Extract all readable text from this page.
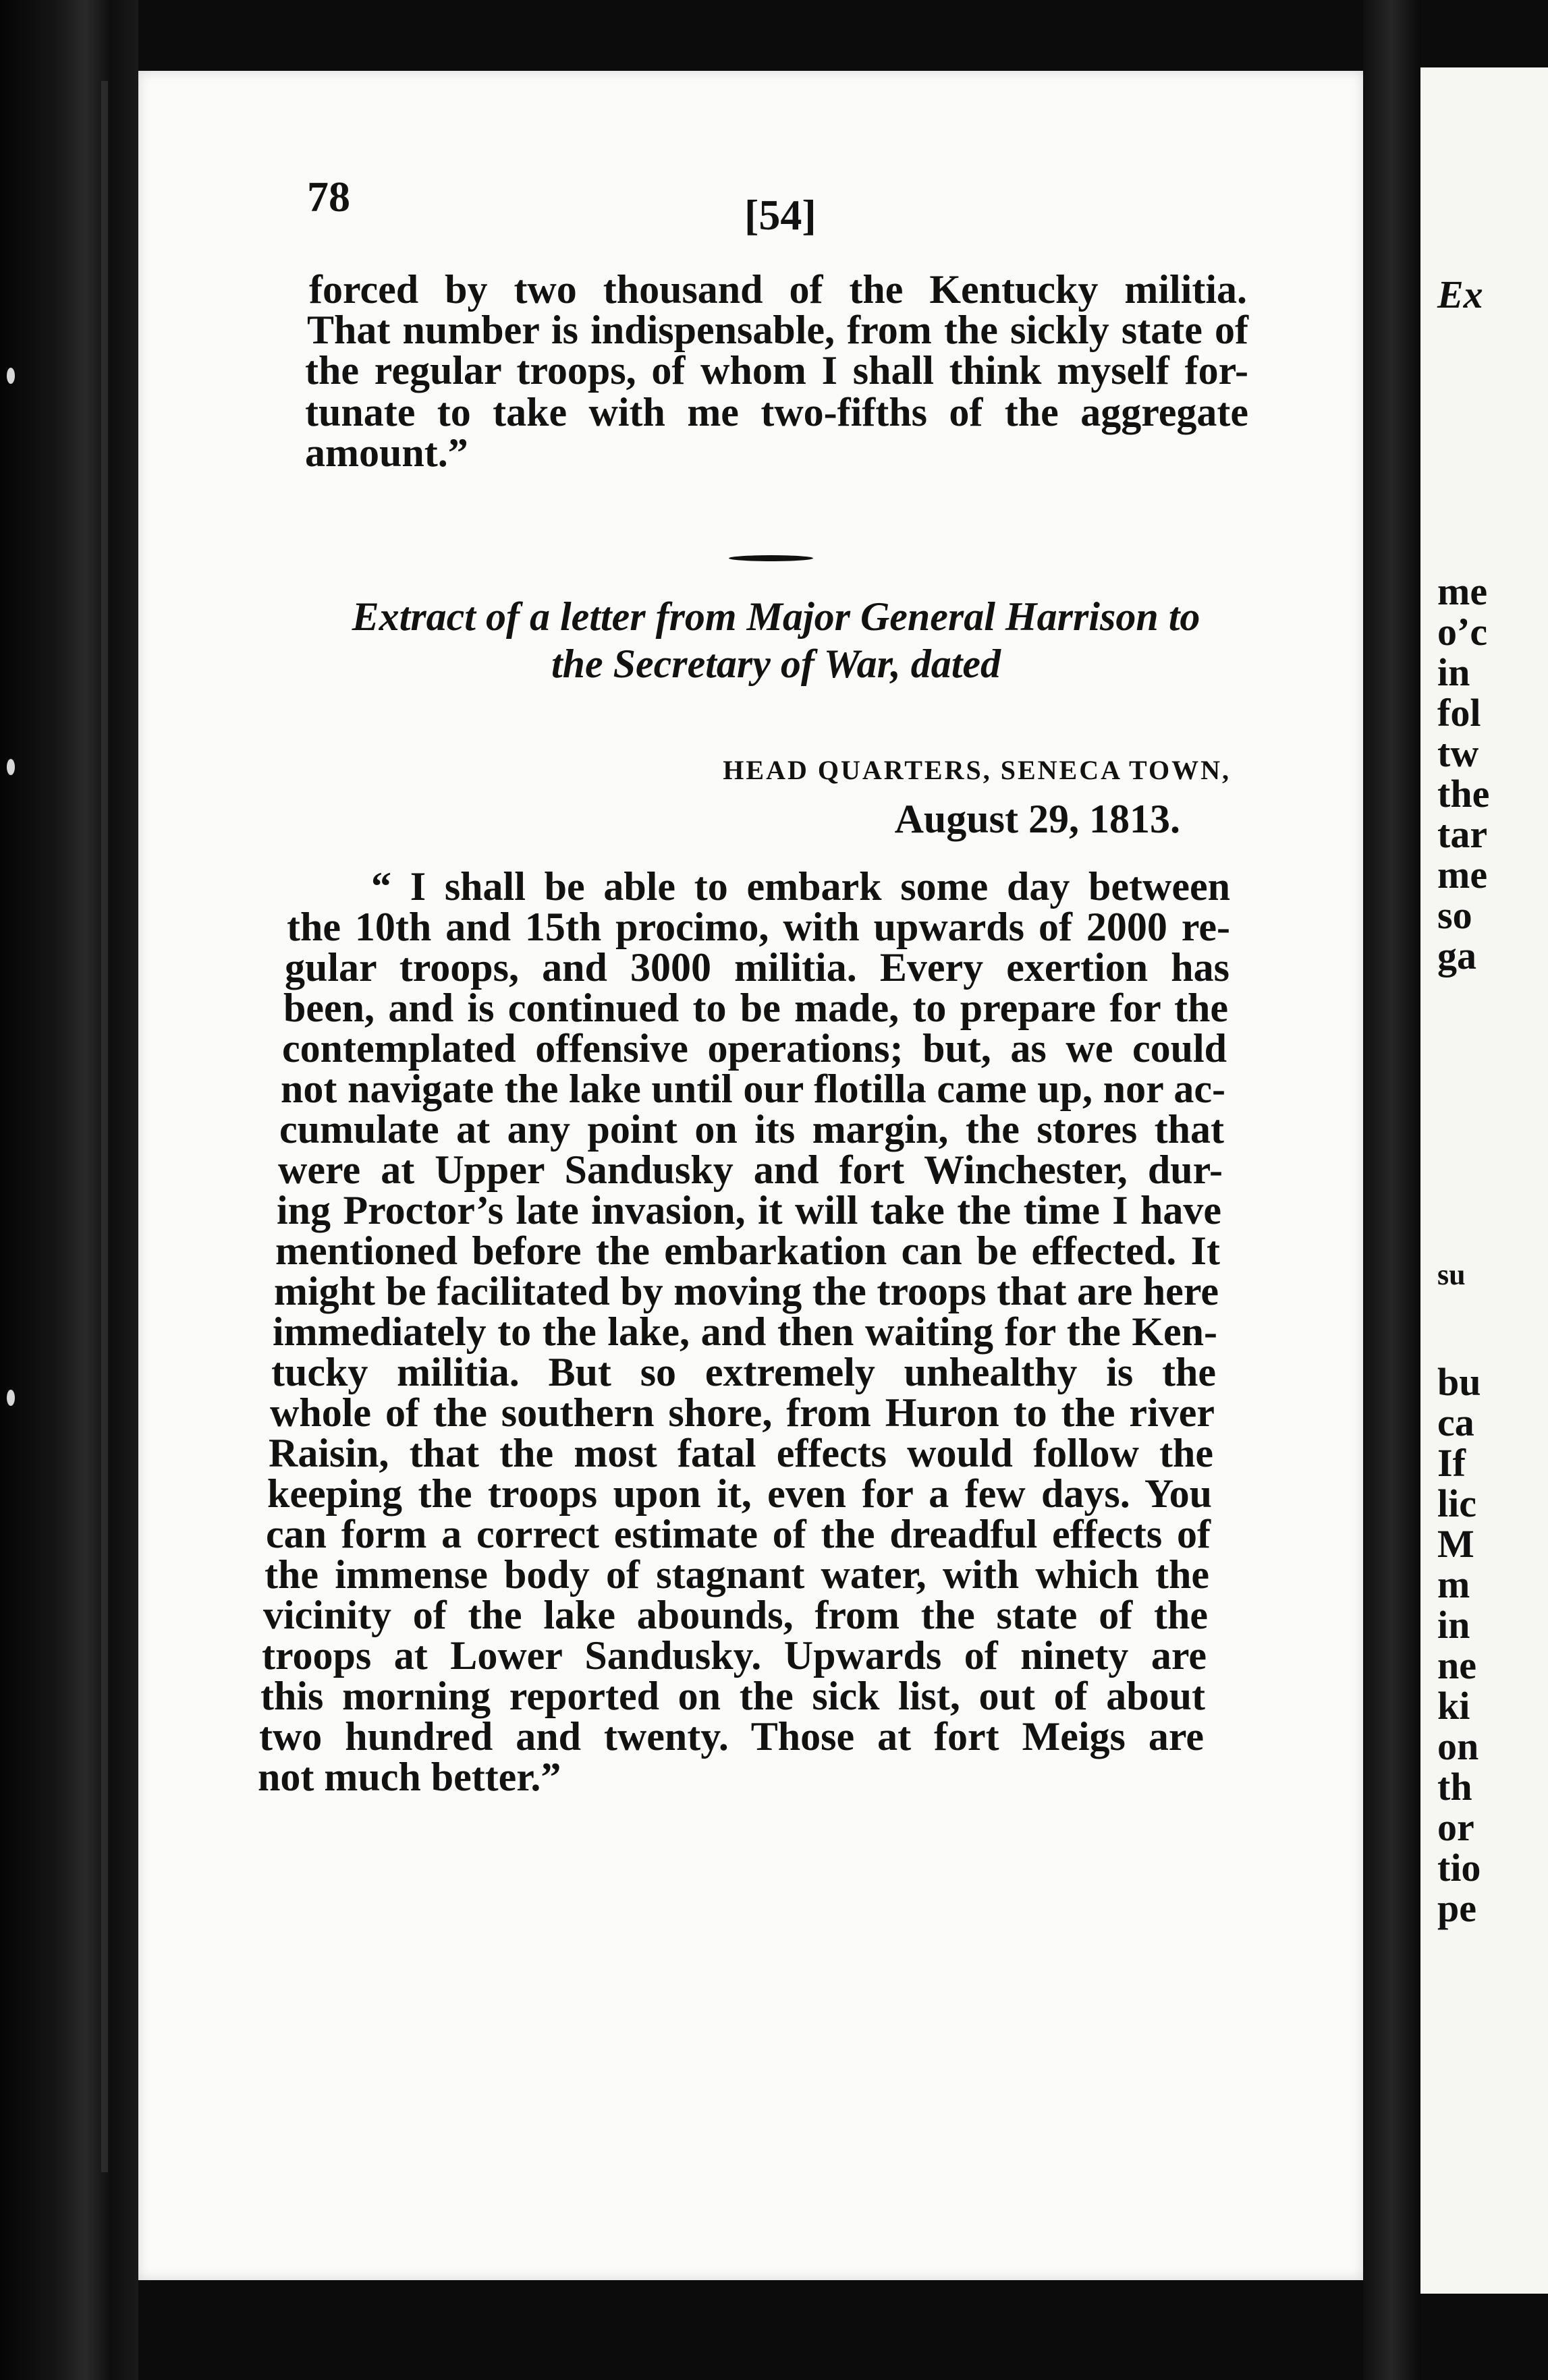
78	[54]
forced by two thousand of the Kentucky militia.
That number is indispensable, from the sickly state of
the regular troops, of whom I shall think myself for-
tunate to take with me two-fifths of the aggregate
amount.”
Extract of a letter from Major General Harrison to
the Secretary of War, dated
HEAD QUARTERS, SENECA TOWN,
August 29, 1813.
“ I shall be able to embark some day between
the 10th and 15th procimo, with upwards of 2000 re-
gular troops, and 3000 militia. Every exertion has
been, and is continued to be made, to prepare for the
contemplated offensive operations; but, as we could
not navigate the lake until our flotilla came up, nor ac-
cumulate at any point on its margin, the stores that
were at Upper Sandusky and fort Winchester, dur-
ing Proctor’s late invasion, it will take the time I have
mentioned before the embarkation can be effected. It
might be facilitated by moving the troops that are here
immediately to the lake, and then waiting for the Ken-
tucky militia. But so extremely unhealthy is the
whole of the southern shore, from Huron to the river
Raisin, that the most fatal effects would follow the
keeping the troops upon it, even for a few days. You
can form a correct estimate of the dreadful effects of
the immense body of stagnant water, with which the
vicinity of the lake abounds, from the state of the
troops at Lower Sandusky. Upwards of ninety are
this morning reported on the sick list, out of about
two hundred and twenty. Those at fort Meigs are
not much better.”
Ex
me
o’c
in
fol
tw
the
tar
me
so
ga
su
bu
ca
If
lic
M
m
in
ne
ki
on
th
or
tio
pe
